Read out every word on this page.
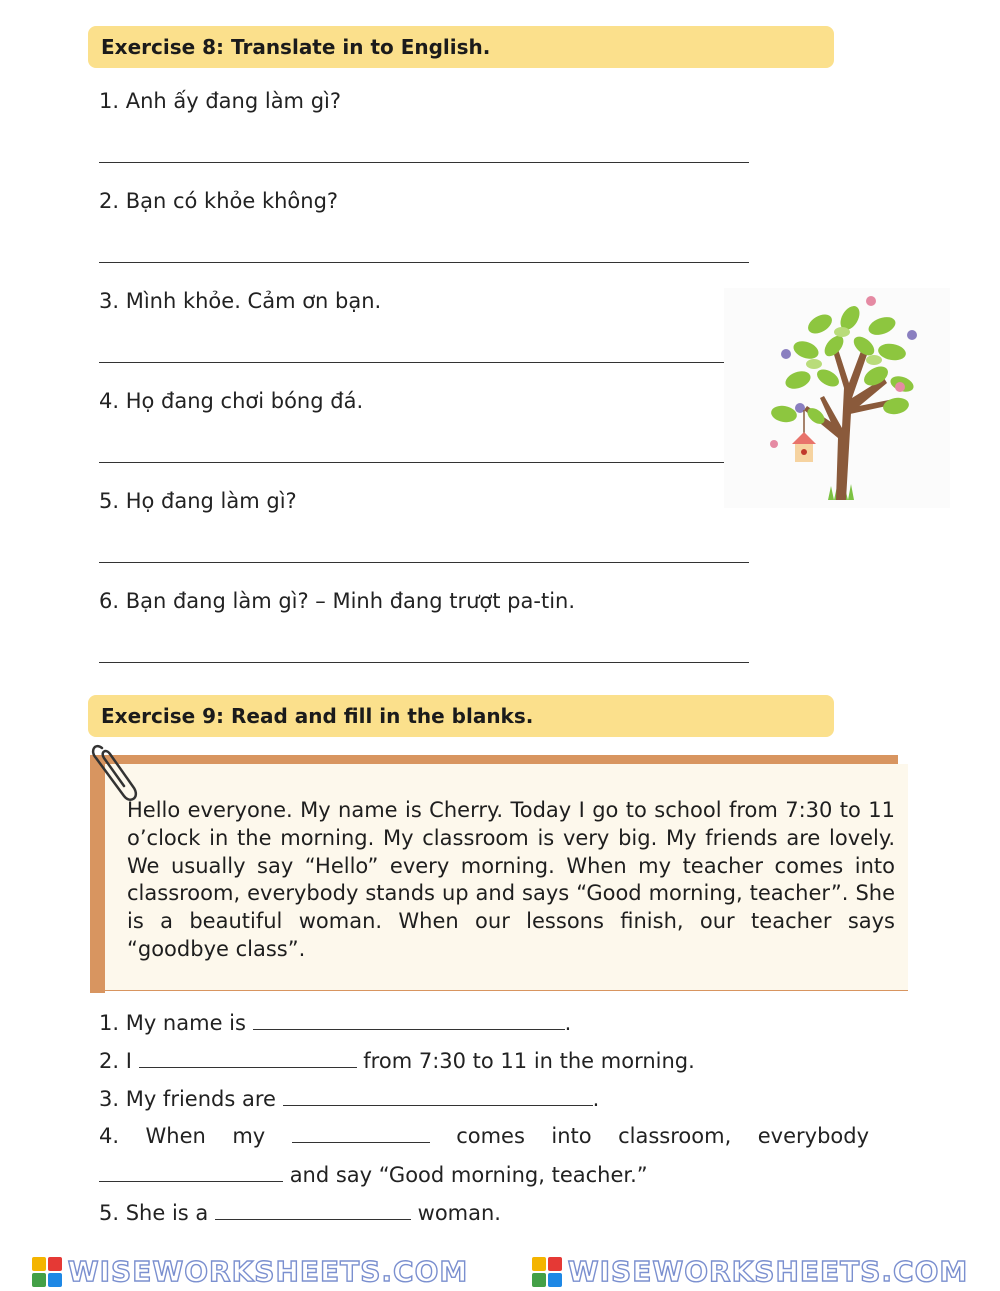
Exercise 8: Translate in to English.
1. Anh ấy đang làm gì?
2. Bạn có khỏe không?
3. Mình khỏe. Cảm ơn bạn.
4. Họ đang chơi bóng đá.
5. Họ đang làm gì?
6. Bạn đang làm gì? – Minh đang trượt pa-tin.
Exercise 9: Read and fill in the blanks.
Hello everyone. My name is Cherry. Today I go to school from 7:30 to 11 o’clock in the morning. My classroom is very big. My friends are lovely. We usually say “Hello” every morning. When my teacher comes into classroom, everybody stands up and says “Good morning, teacher”. She is a beautiful woman. When our lessons finish, our teacher says “goodbye class”.
1. My name is	.
2. I	from 7:30 to 11 in the morning.
3. My friends are	.
4. When my	comes into classroom, everybody
and say “Good morning, teacher.”
5. She is a	woman.
WISEWORKSHEETS.COM	WISEWORKSHEETS.COM
